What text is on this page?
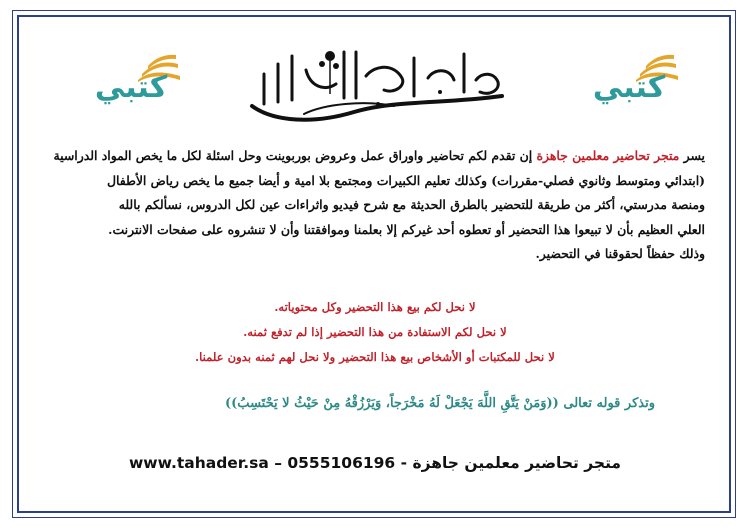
كتبي	كتبي
يسر متجر تحاضير معلمين جاهزة إن تقدم لكم تحاضير واوراق عمل وعروض بوربوينت وحل اسئلة لكل ما يخص المواد الدراسية
(ابتدائي ومتوسط وثانوي فصلي-مقررات) وكذلك تعليم الكبيرات ومجتمع بلا امية و أيضا جميع ما يخص رياض الأطفال
ومنصة مدرستي، أكثر من طريقة للتحضير بالطرق الحديثة مع شرح فيديو واثراءات عين لكل الدروس، نسألكم بالله
العلي العظيم بأن لا تبيعوا هذا التحضير أو تعطوه أحد غيركم إلا بعلمنا وموافقتنا وأن لا تنشروه على صفحات الانترنت.
وذلك حفظاً لحقوقنا في التحضير.
لا نحل لكم بيع هذا التحضير وكل محتوياته.
لا نحل لكم الاستفادة من هذا التحضير إذا لم تدفع ثمنه.
لا نحل للمكتبات أو الأشخاص بيع هذا التحضير ولا نحل لهم ثمنه بدون علمنا.
وتذكر قوله تعالى ((وَمَنْ يَتَّقِ اللَّهَ يَجْعَلْ لَهُ مَخْرَجاً، وَيَرْزُقْهُ مِنْ حَيْثُ لا يَحْتَسِبُ))
www.tahader.sa – 0555106196 - متجر تحاضير معلمين جاهزة
